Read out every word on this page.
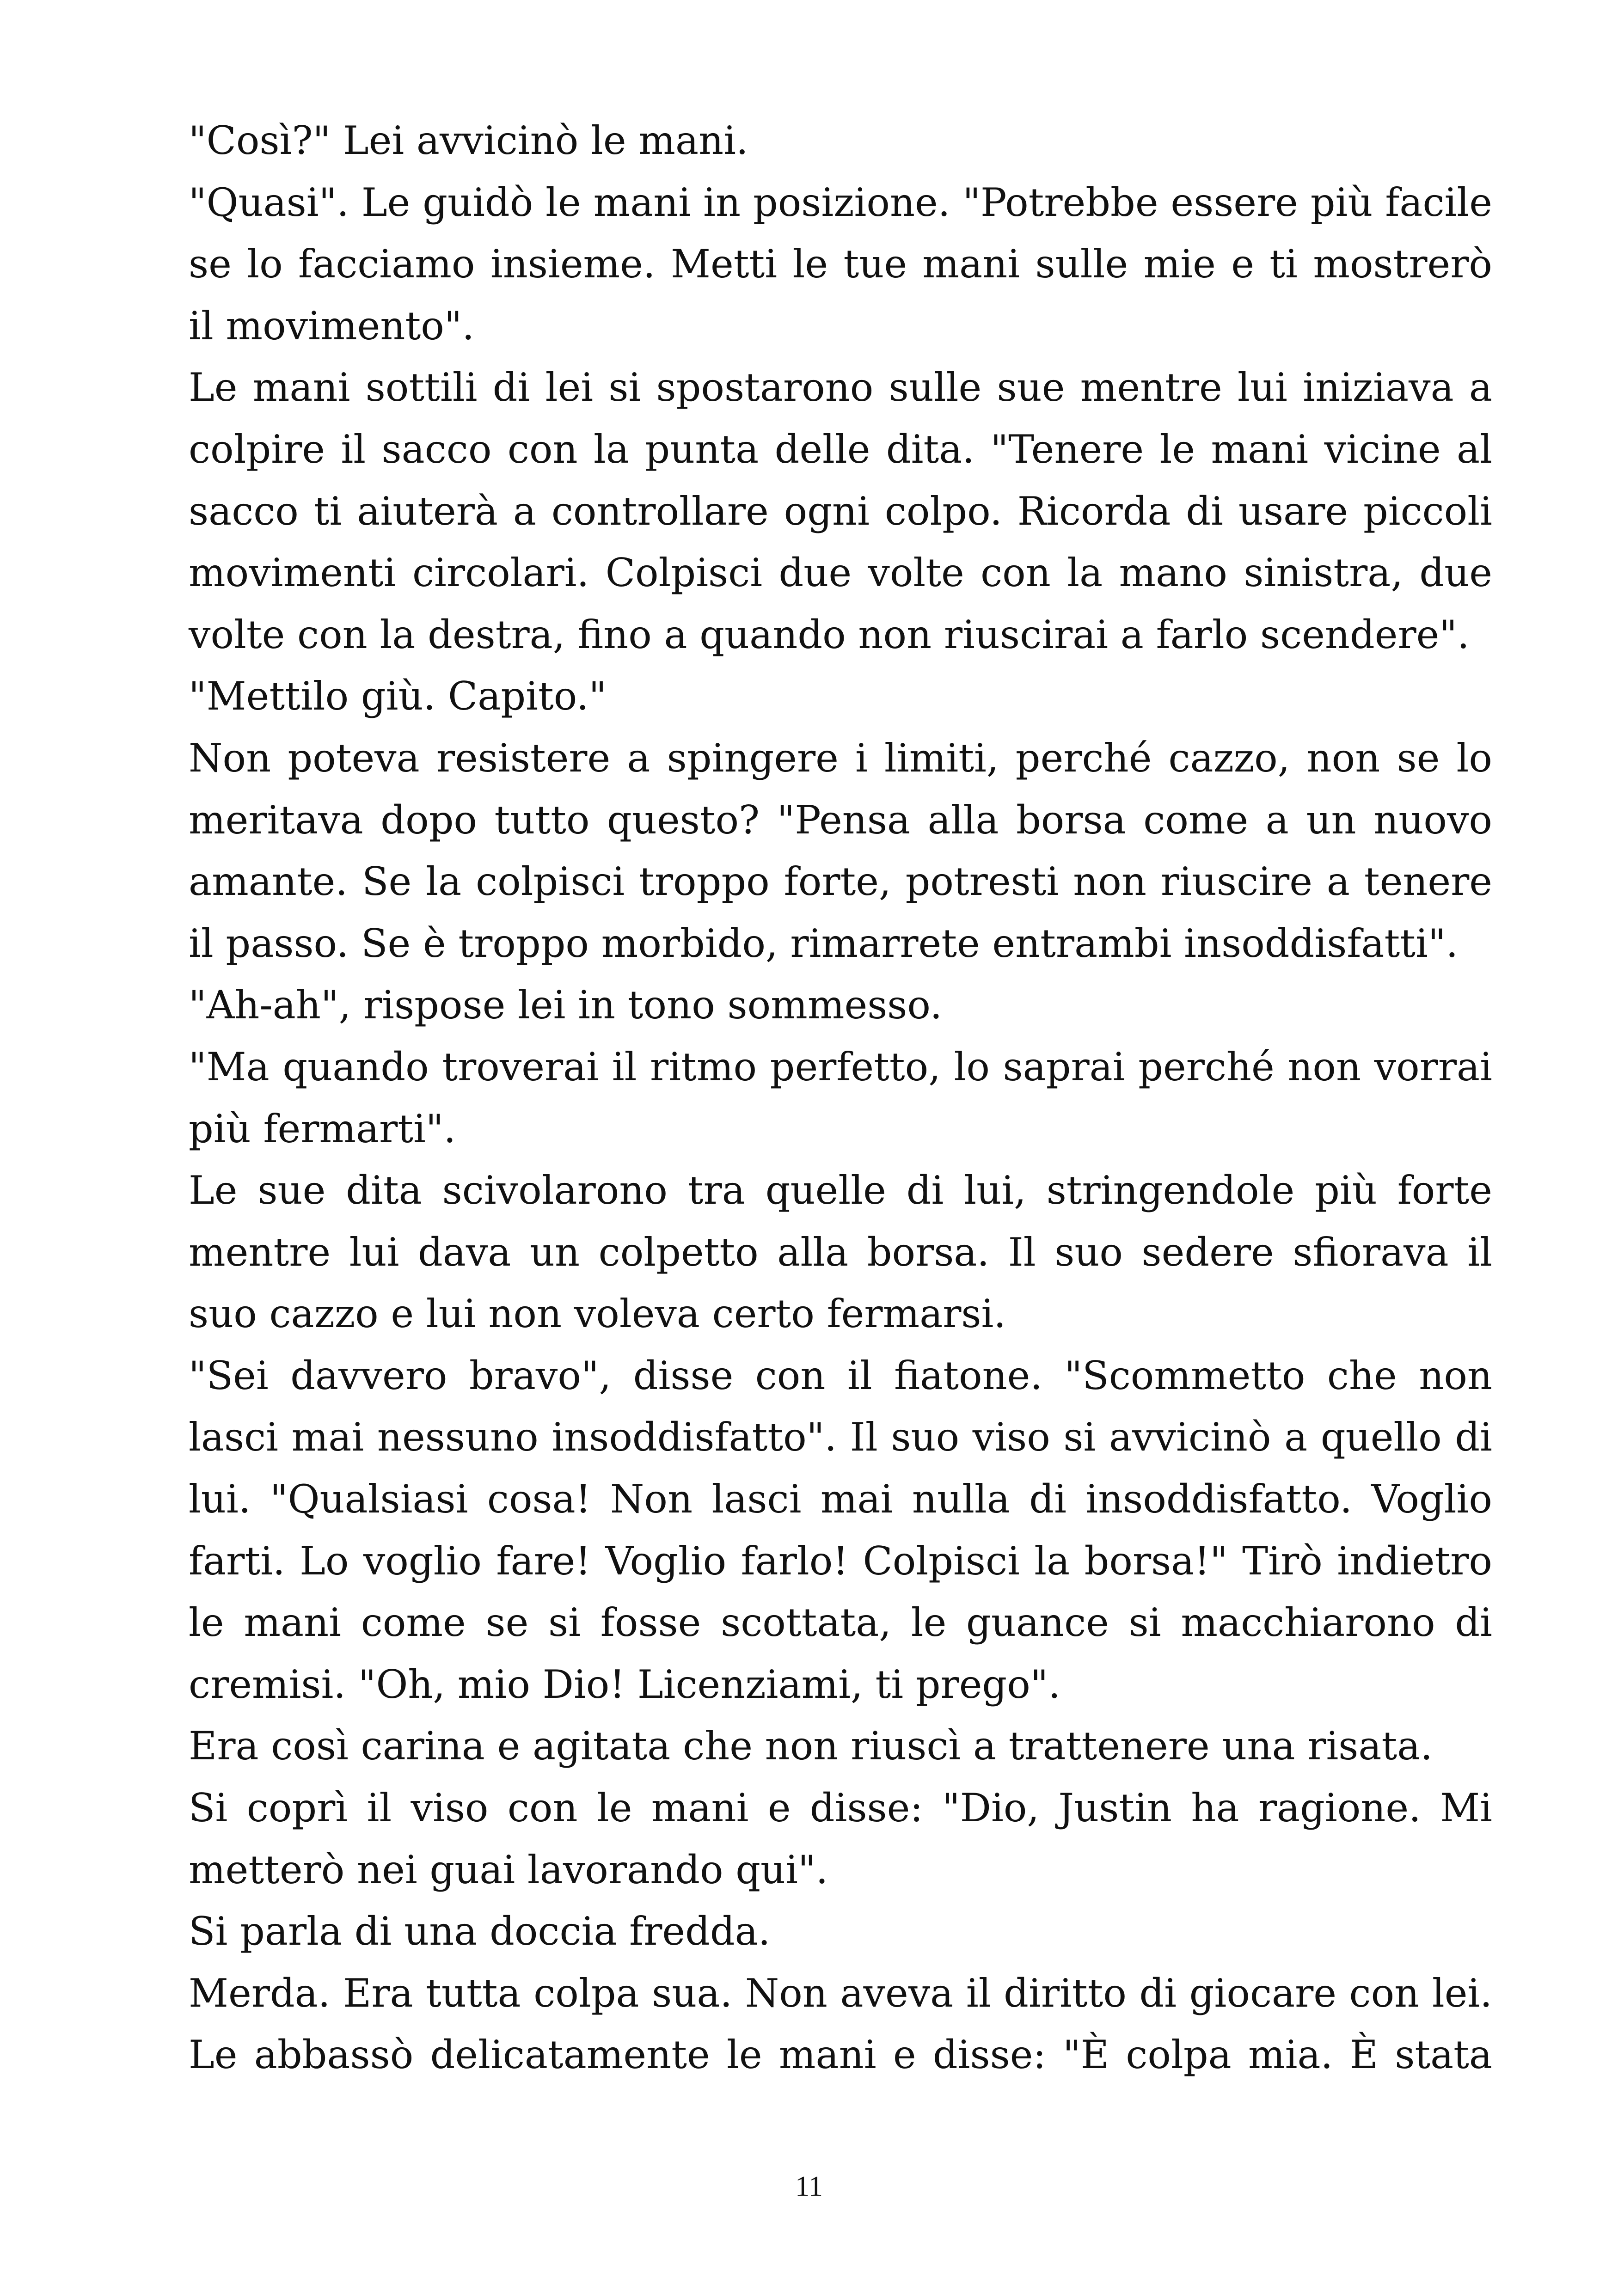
"Così?" Lei avvicinò le mani.

"Quasi". Le guidò le mani in posizione. "Potrebbe essere più facile se lo facciamo insieme. Metti le tue mani sulle mie e ti mostrerò il movimento".

Le mani sottili di lei si spostarono sulle sue mentre lui iniziava a colpire il sacco con la punta delle dita. "Tenere le mani vicine al sacco ti aiuterà a controllare ogni colpo. Ricorda di usare piccoli movimenti circolari. Colpisci due volte con la mano sinistra, due volte con la destra, fino a quando non riuscirai a farlo scendere".

"Mettilo giù. Capito."

Non poteva resistere a spingere i limiti, perché cazzo, non se lo meritava dopo tutto questo? "Pensa alla borsa come a un nuovo amante. Se la colpisci troppo forte, potresti non riuscire a tenere il passo. Se è troppo morbido, rimarrete entrambi insoddisfatti".

"Ah-ah", rispose lei in tono sommesso.

"Ma quando troverai il ritmo perfetto, lo saprai perché non vorrai più fermarti".

Le sue dita scivolarono tra quelle di lui, stringendole più forte mentre lui dava un colpetto alla borsa. Il suo sedere sfiorava il suo cazzo e lui non voleva certo fermarsi.

"Sei davvero bravo", disse con il fiatone. "Scommetto che non lasci mai nessuno insoddisfatto". Il suo viso si avvicinò a quello di lui. "Qualsiasi cosa! Non lasci mai nulla di insoddisfatto. Voglio farti. Lo voglio fare! Voglio farlo! Colpisci la borsa!" Tirò indietro le mani come se si fosse scottata, le guance si macchiarono di cremisi. "Oh, mio Dio! Licenziami, ti prego".

Era così carina e agitata che non riuscì a trattenere una risata.

Si coprì il viso con le mani e disse: "Dio, Justin ha ragione. Mi metterò nei guai lavorando qui".

Si parla di una doccia fredda.

Merda. Era tutta colpa sua. Non aveva il diritto di giocare con lei. Le abbassò delicatamente le mani e disse: "È colpa mia. È stata

11
